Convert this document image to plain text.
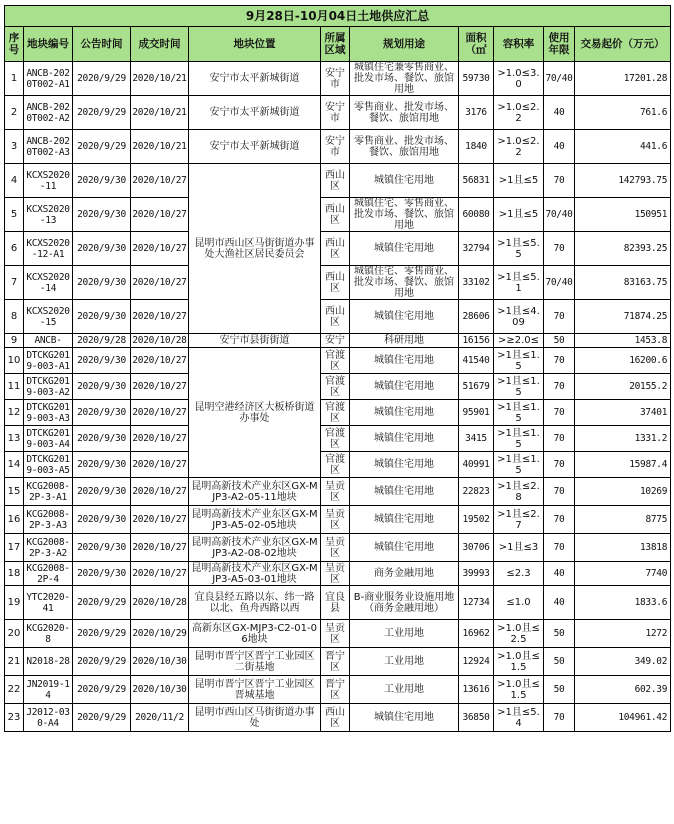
9月28日-10月04日土地供应汇总										
序号	地块编号	公告时间	成交时间	地块位置	所属区域	规划用途	面积（㎡	容积率	使用年限	交易起价（万元）
1	ANCB-2020T002-A1	2020/9/29	2020/10/21	安宁市太平新城街道	安宁市	城镇住宅兼零售商业、批发市场、餐饮、旅馆用地	59730	>1.0≤3.0	70/40	17201.28
2	ANCB-2020T002-A2	2020/9/29	2020/10/21	安宁市太平新城街道	安宁市	零售商业、批发市场、餐饮、旅馆用地	3176	>1.0≤2.2	40	761.6
3	ANCB-2020T002-A3	2020/9/29	2020/10/21	安宁市太平新城街道	安宁市	零售商业、批发市场、餐饮、旅馆用地	1840	>1.0≤2.2	40	441.6
4	KCXS2020-11	2020/9/30	2020/10/27	昆明市西山区马街街道办事处大渔社区居民委员会	西山区	城镇住宅用地	56831	>1且≤5	70	142793.75
5	KCXS2020-13	2020/9/30	2020/10/27		西山区	城镇住宅、零售商业、批发市场、餐饮、旅馆用地	60080	>1且≤5	70/40	150951
6	KCXS2020-12-A1	2020/9/30	2020/10/27		西山区	城镇住宅用地	32794	>1且≤5.5	70	82393.25
7	KCXS2020-14	2020/9/30	2020/10/27		西山区	城镇住宅、零售商业、批发市场、餐饮、旅馆用地	33102	>1且≤5.1	70/40	83163.75
8	KCXS2020-15	2020/9/30	2020/10/27		西山区	城镇住宅用地	28606	>1且≤4.09	70	71874.25
9	ANCB-	2020/9/28	2020/10/28	安宁市县街街道	安宁	科研用地	16156	>≥2.0≤	50	1453.8
10	DTCKG201 9-003-A1	2020/9/30	2020/10/27	昆明空港经济区大板桥街道办事处	官渡区	城镇住宅用地	41540	>1且≤1.5	70	16200.6
11	DTCKG201 9-003-A2	2020/9/30	2020/10/27		官渡区	城镇住宅用地	51679	>1且≤1.5	70	20155.2
12	DTCKG201 9-003-A3	2020/9/30	2020/10/27		官渡区	城镇住宅用地	95901	>1且≤1.5	70	37401
13	DTCKG201 9-003-A4	2020/9/30	2020/10/27		官渡区	城镇住宅用地	3415	>1且≤1.5	70	1331.2
14	DTCKG201 9-003-A5	2020/9/30	2020/10/27		官渡区	城镇住宅用地	40991	>1且≤1.5	70	15987.4
15	KCG2008-2P-3-A1	2020/9/30	2020/10/27	昆明高新技术产业东区GX-MJP3-A2-05-11地块	呈贡区	城镇住宅用地	22823	>1且≤2.8	70	10269
16	KCG2008-2P-3-A3	2020/9/30	2020/10/27	昆明高新技术产业东区GX-MJP3-A5-02-05地块	呈贡区	城镇住宅用地	19502	>1且≤2.7	70	8775
17	KCG2008-2P-3-A2	2020/9/30	2020/10/27	昆明高新技术产业东区GX-MJP3-A2-08-02地块	呈贡区	城镇住宅用地	30706	>1且≤3	70	13818
18	KCG2008-2P-4	2020/9/30	2020/10/27	昆明高新技术产业东区GX-MJP3-A5-03-01地块	呈贡区	商务金融用地	39993	≤2.3	40	7740
19	YTC2020-41	2020/9/29	2020/10/28	宜良县经五路以东、纬一路以北、鱼舟西路以西	宜良县	B-商业服务业设施用地（商务金融用地）	12734	≤1.0	40	1833.6
20	KCG2020-8	2020/9/29	2020/10/29	高新东区GX-MJP3-C2-01-06地块	呈贡区	工业用地	16962	>1.0且≤2.5	50	1272
21	N2018-28	2020/9/29	2020/10/30	昆明市晋宁区晋宁工业园区二街基地	晋宁区	工业用地	12924	>1.0且≤1.5	50	349.02
22	JN2019-14	2020/9/29	2020/10/30	昆明市晋宁区晋宁工业园区晋城基地	晋宁区	工业用地	13616	>1.0且≤1.5	50	602.39
23	J2012-030-A4	2020/9/29	2020/11/2	昆明市西山区马街街道办事处	西山区	城镇住宅用地	36850	>1且≤5.4	70	104961.42
